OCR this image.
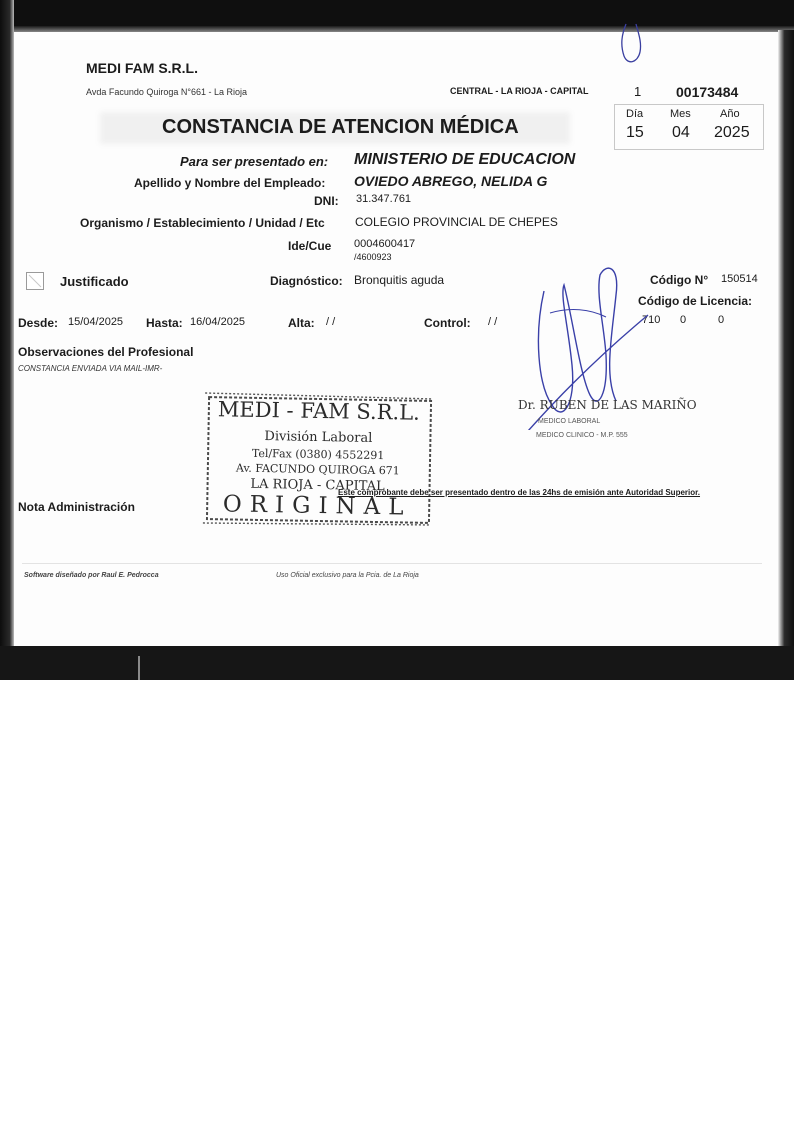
MEDI FAM S.R.L.
Avda Facundo Quiroga N°661 - La Rioja	CENTRAL - LA RIOJA - CAPITAL	1 00173484
CONSTANCIA DE ATENCION MÉDICA
Día Mes	Año
15 04 2025
Para ser presentado en: MINISTERIO DE EDUCACION
Apellido y Nombre del Empleado: OVIEDO ABREGO, NELIDA G
DNI: 31.347.761
Organismo / Establecimiento / Unidad / Etc	COLEGIO PROVINCIAL DE CHEPES
Ide/Cue 0004600417
/4600923
Justificado	Diagnóstico: Bronquitis aguda	Código N° 150514
Código de Licencia:
710 0	0
Desde: 15/04/2025 Hasta: 16/04/2025	Alta: / /	Control: / /
Observaciones del Profesional
CONSTANCIA ENVIADA VIA MAIL-IMR-
Dr. RUBEN DE LAS MARIÑO
MEDICO LABORAL
MEDICO CLINICO - M.P. 555
MEDI - FAM S.R.L.
División Laboral
Tel/Fax (0380) 4552291
Av. FACUNDO QUIROGA 671
LA RIOJA - CAPITAL
ORIGINAL
Este comprobante debe ser presentado dentro de las 24hs de emisión ante Autoridad Superior.
Nota Administración
Software diseñado por Raul E. Pedrocca	Uso Oficial exclusivo para la Pcia. de La Rioja
